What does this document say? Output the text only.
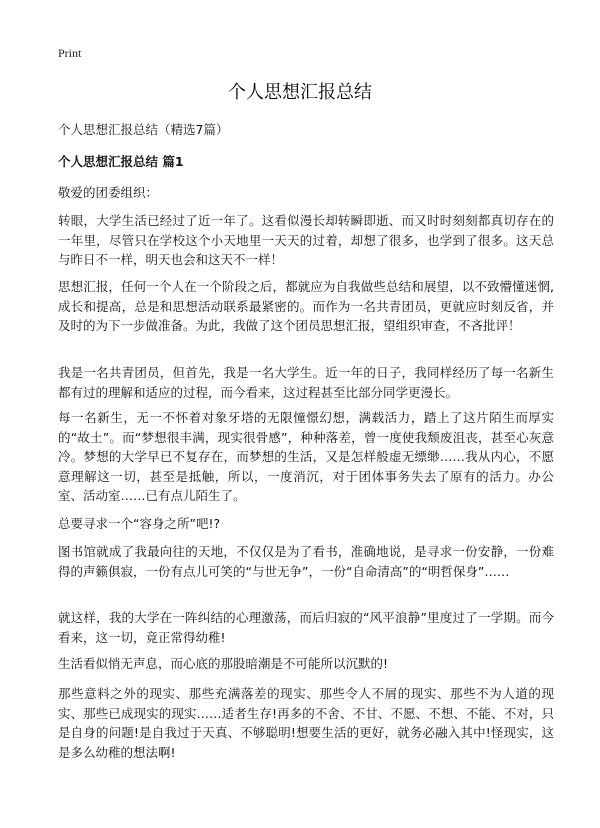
Print
个人思想汇报总结
个人思想汇报总结（精选7篇）
个人思想汇报总结 篇1
敬爱的团委组织：
转眼，大学生活已经过了近一年了。这看似漫长却转瞬即逝、而又时时刻刻都真切存在的一年里，尽管只在学校这个小天地里一天天的过着，却想了很多，也学到了很多。这天总与昨日不一样，明天也会和这天不一样！
思想汇报，任何一个人在一个阶段之后，都就应为自我做些总结和展望，以不致懵懂迷惘,成长和提高，总是和思想活动联系最紧密的。而作为一名共青团员，更就应时刻反省，并及时的为下一步做准备。为此，我做了这个团员思想汇报，望组织审查，不吝批评！
我是一名共青团员，但首先，我是一名大学生。近一年的日子，我同样经历了每一名新生都有过的理解和适应的过程，而今看来，这过程甚至比部分同学更漫长。
每一名新生，无一不怀着对象牙塔的无限憧憬幻想，满载活力，踏上了这片陌生而厚实的“故土”。而“梦想很丰满，现实很骨感”，种种落差，曾一度使我颓废沮丧，甚至心灰意冷。梦想的大学早已不复存在，而梦想的生活，又是怎样般虚无缥缈……我从内心，不愿意理解这一切，甚至是抵触，所以，一度消沉，对于团体事务失去了原有的活力。办公室、活动室……已有点儿陌生了。
总要寻求一个“容身之所”吧!?
图书馆就成了我最向往的天地，不仅仅是为了看书，准确地说，是寻求一份安静，一份难得的声籁俱寂，一份有点儿可笑的“与世无争”，一份“自命清高”的“明哲保身”……
就这样，我的大学在一阵纠结的心理激荡，而后归寂的“风平浪静”里度过了一学期。而今看来，这一切，竟正常得幼稚!
生活看似悄无声息，而心底的那股暗潮是不可能所以沉默的!
那些意料之外的现实、那些充满落差的现实、那些令人不屑的现实、那些不为人道的现实、那些已成现实的现实……适者生存!再多的不舍、不甘、不愿、不想、不能、不对，只是自身的问题!是自我过于天真、不够聪明!想要生活的更好，就务必融入其中!怪现实，这是多么幼稚的想法啊!
